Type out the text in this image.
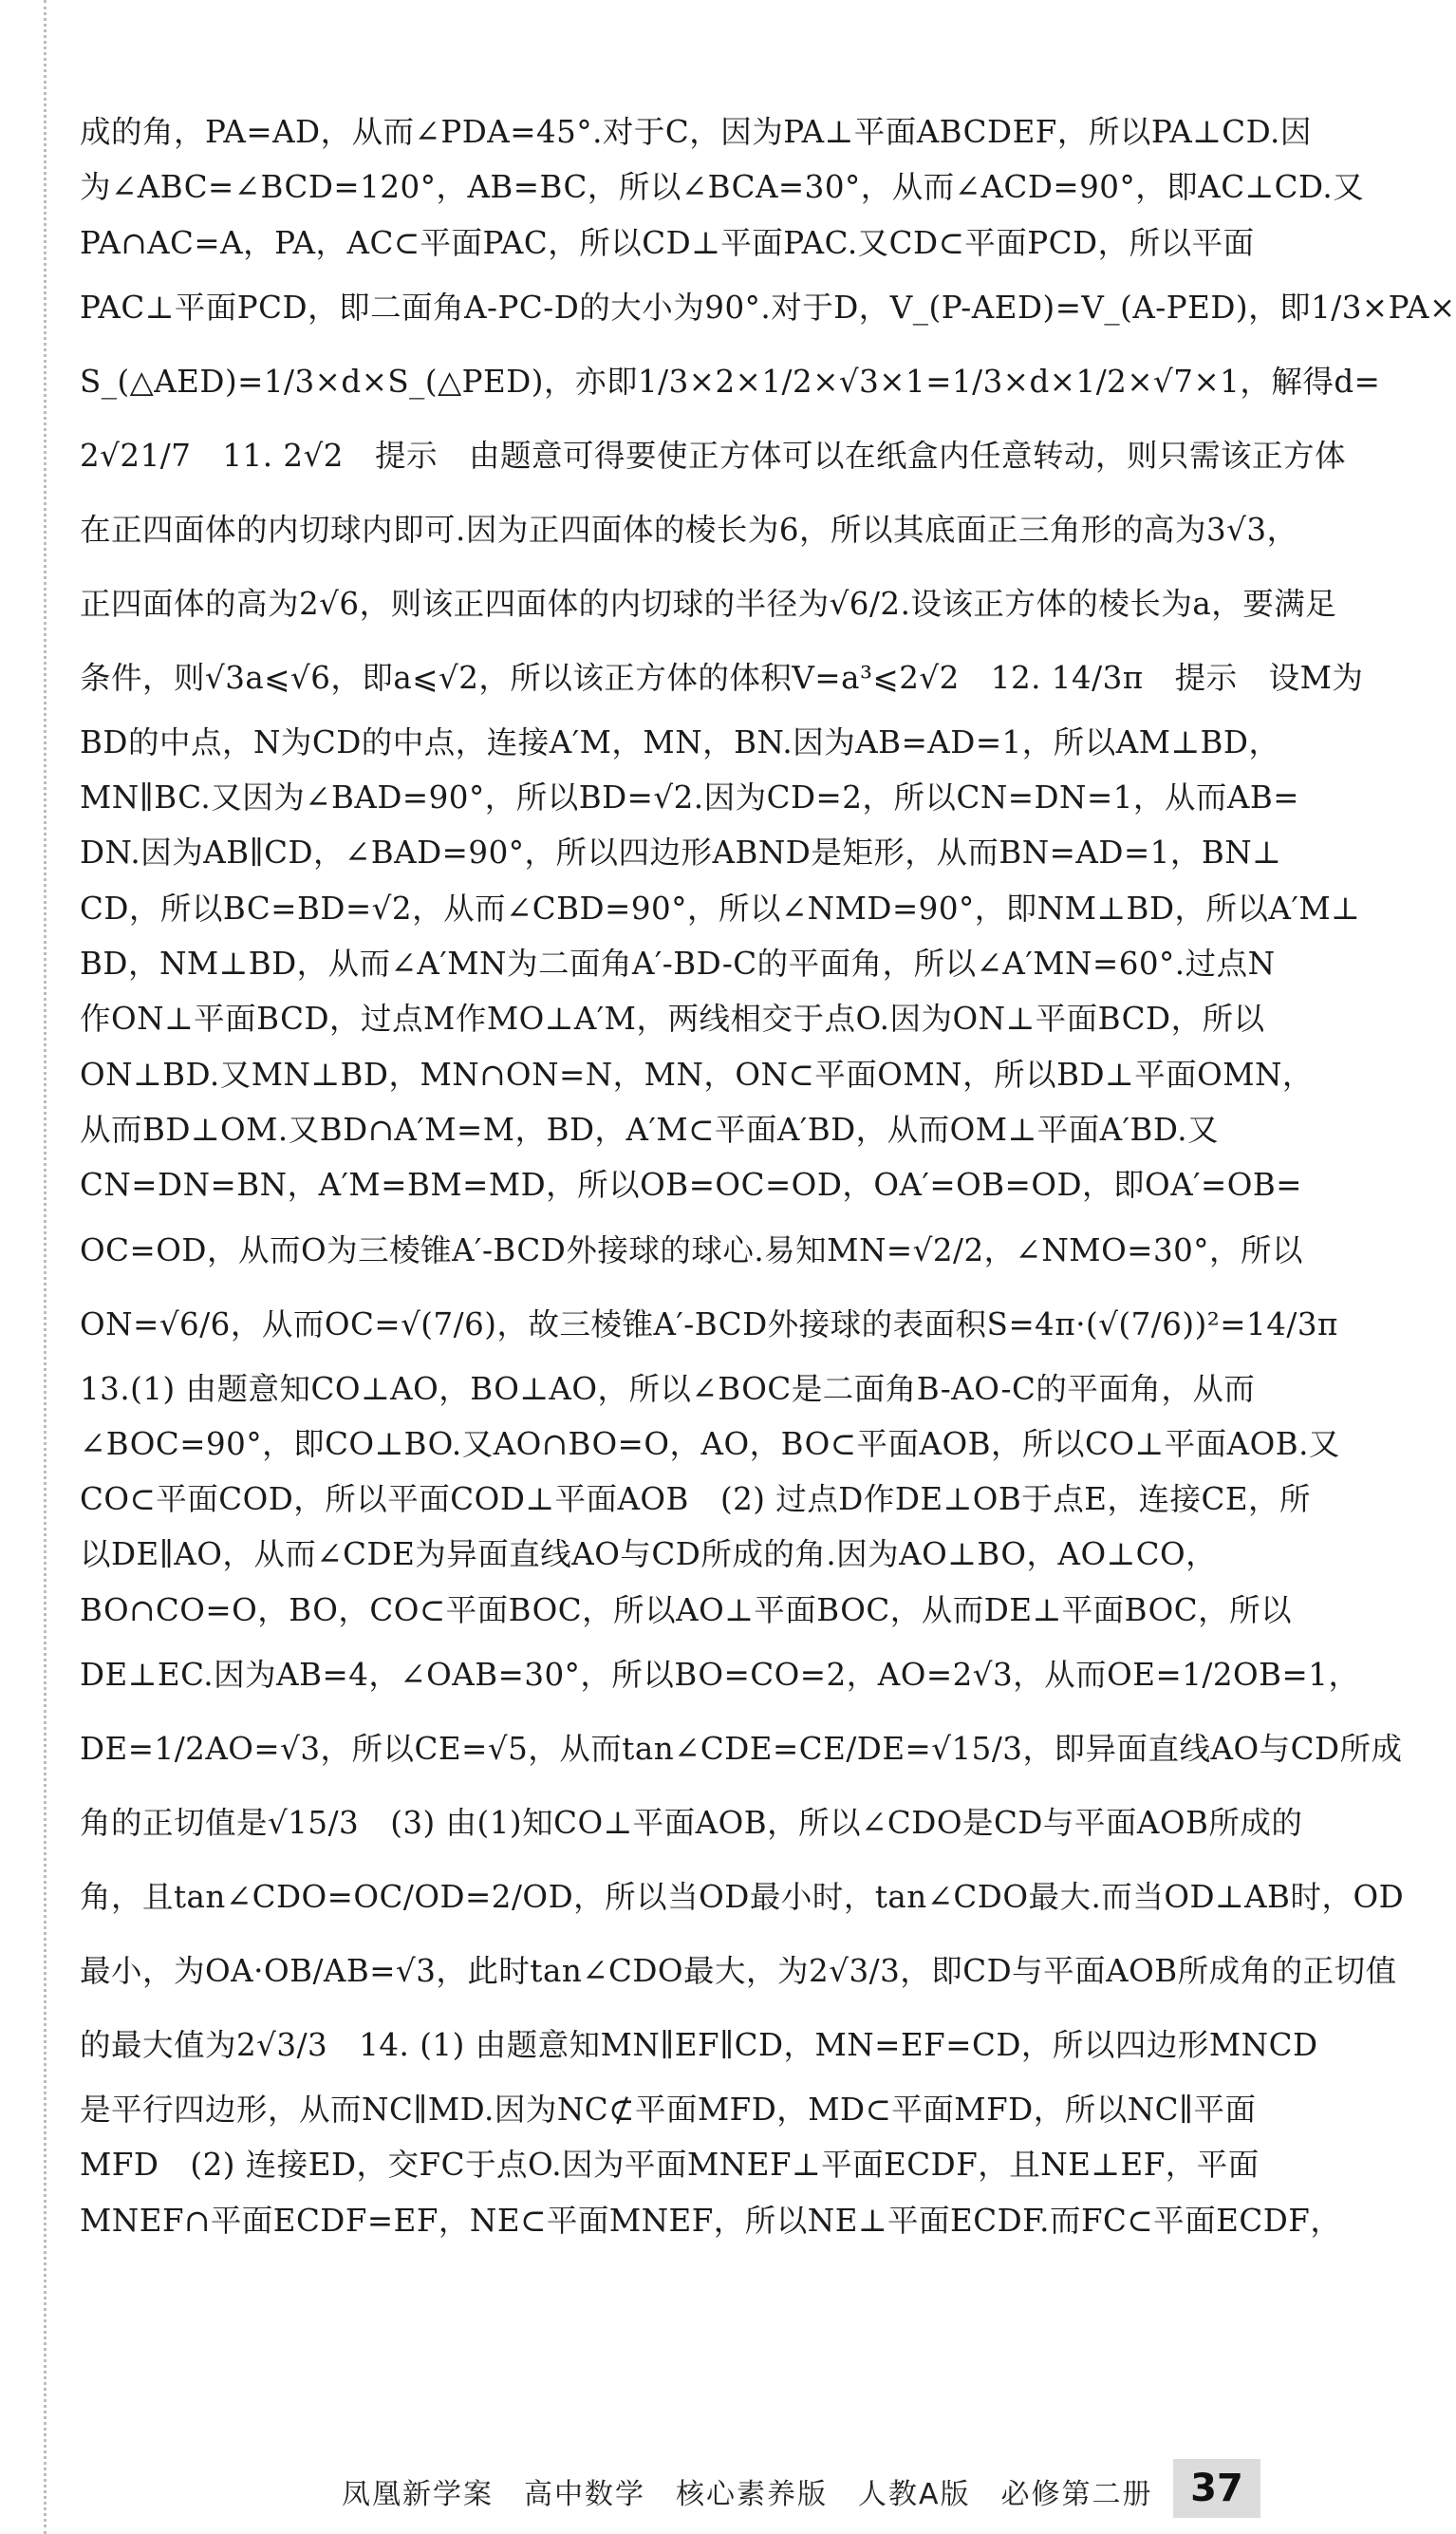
成的角，PA=AD，从而∠PDA=45°.对于C，因为PA⊥平面ABCDEF，所以PA⊥CD.因
为∠ABC=∠BCD=120°，AB=BC，所以∠BCA=30°，从而∠ACD=90°，即AC⊥CD.又
PA∩AC=A，PA，AC⊂平面PAC，所以CD⊥平面PAC.又CD⊂平面PCD，所以平面
PAC⊥平面PCD，即二面角A-PC-D的大小为90°.对于D，V_(P-AED)=V_(A-PED)，即1/3×PA×
S_(△AED)=1/3×d×S_(△PED)，亦即1/3×2×1/2×√3×1=1/3×d×1/2×√7×1，解得d=
2√21/7　11. 2√2　提示　由题意可得要使正方体可以在纸盒内任意转动，则只需该正方体
在正四面体的内切球内即可.因为正四面体的棱长为6，所以其底面正三角形的高为3√3，
正四面体的高为2√6，则该正四面体的内切球的半径为√6/2.设该正方体的棱长为a，要满足
条件，则√3a⩽√6，即a⩽√2，所以该正方体的体积V=a³⩽2√2　12. 14/3π　提示　设M为
BD的中点，N为CD的中点，连接A′M，MN，BN.因为AB=AD=1，所以AM⊥BD，
MN∥BC.又因为∠BAD=90°，所以BD=√2.因为CD=2，所以CN=DN=1，从而AB=
DN.因为AB∥CD，∠BAD=90°，所以四边形ABND是矩形，从而BN=AD=1，BN⊥
CD，所以BC=BD=√2，从而∠CBD=90°，所以∠NMD=90°，即NM⊥BD，所以A′M⊥
BD，NM⊥BD，从而∠A′MN为二面角A′-BD-C的平面角，所以∠A′MN=60°.过点N
作ON⊥平面BCD，过点M作MO⊥A′M，两线相交于点O.因为ON⊥平面BCD，所以
ON⊥BD.又MN⊥BD，MN∩ON=N，MN，ON⊂平面OMN，所以BD⊥平面OMN，
从而BD⊥OM.又BD∩A′M=M，BD，A′M⊂平面A′BD，从而OM⊥平面A′BD.又
CN=DN=BN，A′M=BM=MD，所以OB=OC=OD，OA′=OB=OD，即OA′=OB=
OC=OD，从而O为三棱锥A′-BCD外接球的球心.易知MN=√2/2，∠NMO=30°，所以
ON=√6/6，从而OC=√(7/6)，故三棱锥A′-BCD外接球的表面积S=4π·(√(7/6))²=14/3π
13.(1) 由题意知CO⊥AO，BO⊥AO，所以∠BOC是二面角B-AO-C的平面角，从而
∠BOC=90°，即CO⊥BO.又AO∩BO=O，AO，BO⊂平面AOB，所以CO⊥平面AOB.又
CO⊂平面COD，所以平面COD⊥平面AOB　(2) 过点D作DE⊥OB于点E，连接CE，所
以DE∥AO，从而∠CDE为异面直线AO与CD所成的角.因为AO⊥BO，AO⊥CO，
BO∩CO=O，BO，CO⊂平面BOC，所以AO⊥平面BOC，从而DE⊥平面BOC，所以
DE⊥EC.因为AB=4，∠OAB=30°，所以BO=CO=2，AO=2√3，从而OE=1/2OB=1，
DE=1/2AO=√3，所以CE=√5，从而tan∠CDE=CE/DE=√15/3，即异面直线AO与CD所成
角的正切值是√15/3　(3) 由(1)知CO⊥平面AOB，所以∠CDO是CD与平面AOB所成的
角，且tan∠CDO=OC/OD=2/OD，所以当OD最小时，tan∠CDO最大.而当OD⊥AB时，OD
最小，为OA·OB/AB=√3，此时tan∠CDO最大，为2√3/3，即CD与平面AOB所成角的正切值
的最大值为2√3/3　14. (1) 由题意知MN∥EF∥CD，MN=EF=CD，所以四边形MNCD
是平行四边形，从而NC∥MD.因为NC⊄平面MFD，MD⊂平面MFD，所以NC∥平面
MFD　(2) 连接ED，交FC于点O.因为平面MNEF⊥平面ECDF，且NE⊥EF，平面
MNEF∩平面ECDF=EF，NE⊂平面MNEF，所以NE⊥平面ECDF.而FC⊂平面ECDF，
凤凰新学案　高中数学　核心素养版　人教A版　必修第二册 37
